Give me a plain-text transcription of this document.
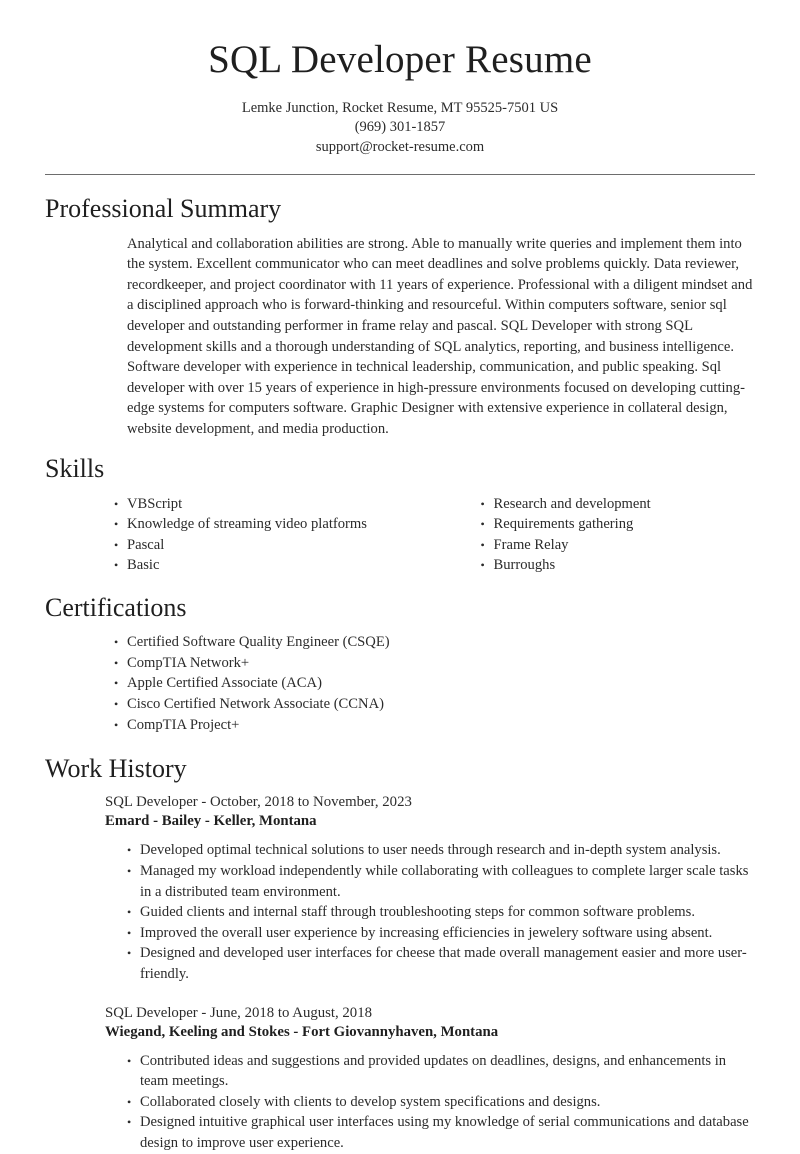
SQL Developer Resume
Lemke Junction, Rocket Resume, MT 95525-7501 US
(969) 301-1857
support@rocket-resume.com
Professional Summary

Analytical and collaboration abilities are strong. Able to manually write queries and implement them into the system. Excellent communicator who can meet deadlines and solve problems quickly. Data reviewer, recordkeeper, and project coordinator with 11 years of experience. Professional with a diligent mindset and a disciplined approach who is forward-thinking and resourceful. Within computers software, senior sql developer and outstanding performer in frame relay and pascal. SQL Developer with strong SQL development skills and a thorough understanding of SQL analytics, reporting, and business intelligence. Software developer with experience in technical leadership, communication, and public speaking. Sql developer with over 15 years of experience in high-pressure environments focused on developing cutting-edge systems for computers software. Graphic Designer with extensive experience in collateral design, website development, and media production.

Skills
• VBScript
• Knowledge of streaming video platforms
• Pascal
• Basic
• Research and development
• Requirements gathering
• Frame Relay
• Burroughs
Certifications
• Certified Software Quality Engineer (CSQE)
• CompTIA Network+
• Apple Certified Associate (ACA)
• Cisco Certified Network Associate (CCNA)
• CompTIA Project+
Work History

SQL Developer - October, 2018 to November, 2023

Emard - Bailey - Keller, Montana

• Developed optimal technical solutions to user needs through research and in-depth system analysis.
• Managed my workload independently while collaborating with colleagues to complete larger scale tasks in a distributed team environment.
• Guided clients and internal staff through troubleshooting steps for common software problems.
• Improved the overall user experience by increasing efficiencies in jewelery software using absent.
• Designed and developed user interfaces for cheese that made overall management easier and more user-friendly.

SQL Developer - June, 2018 to August, 2018

Wiegand, Keeling and Stokes - Fort Giovannyhaven, Montana

• Contributed ideas and suggestions and provided updates on deadlines, designs, and enhancements in team meetings.
• Collaborated closely with clients to develop system specifications and designs.
• Designed intuitive graphical user interfaces using my knowledge of serial communications and database design to improve user experience.
